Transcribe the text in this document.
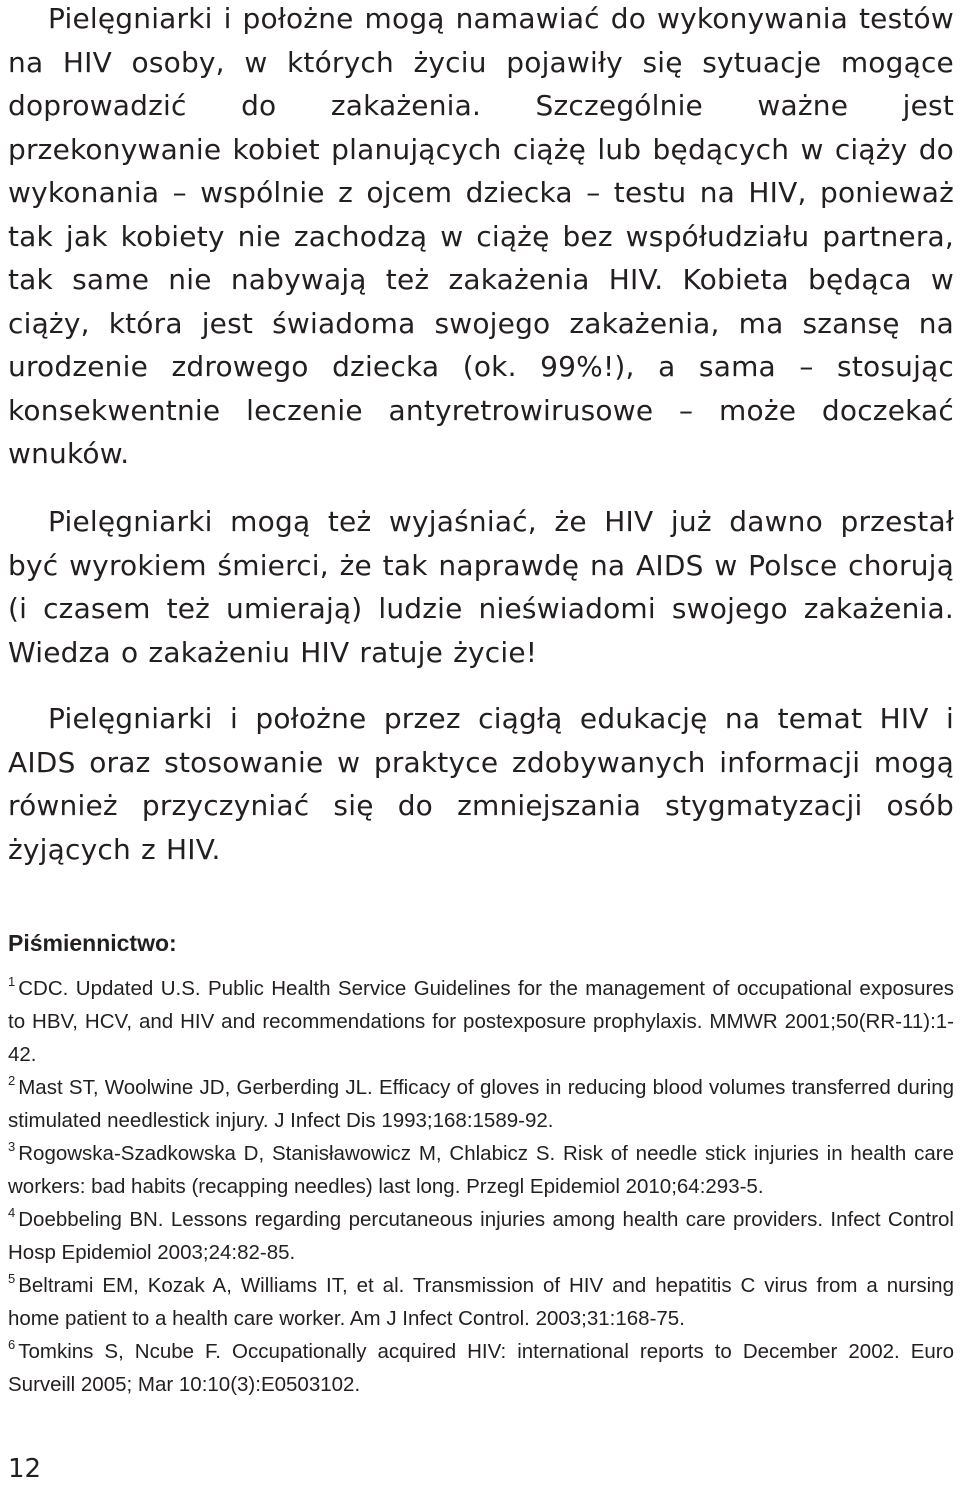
Pielęgniarki i położne mogą namawiać do wykonywania testów na HIV osoby, w których życiu pojawiły się sytuacje mogące doprowadzić do zakażenia. Szczególnie ważne jest przekonywanie kobiet planujących ciążę lub będących w ciąży do wykonania – wspólnie z ojcem dziecka – testu na HIV, ponieważ tak jak kobiety nie zachodzą w ciążę bez współudziału partnera, tak same nie nabywają też zakażenia HIV. Kobieta będąca w ciąży, która jest świadoma swojego zakażenia, ma szansę na urodzenie zdrowego dziecka (ok. 99%!), a sama – stosując konsekwentnie leczenie antyretrowirusowe – może doczekać wnuków.

Pielęgniarki mogą też wyjaśniać, że HIV już dawno przestał być wyrokiem śmierci, że tak naprawdę na AIDS w Polsce chorują (i czasem też umierają) ludzie nieświadomi swojego zakażenia. Wiedza o zakażeniu HIV ratuje życie!

Pielęgniarki i położne przez ciągłą edukację na temat HIV i AIDS oraz stosowanie w praktyce zdobywanych informacji mogą również przyczyniać się do zmniejszania stygmatyzacji osób żyjących z HIV.

Piśmiennictwo:
$^1$ CDC. Updated U.S. Public Health Service Guidelines for the management of occupational exposures to HBV, HCV, and HIV and recommendations for postexposure prophylaxis. MMWR 2001;50(RR-11):1-42.
$^2$ Mast ST, Woolwine JD, Gerberding JL. Efficacy of gloves in reducing blood volumes transferred during stimulated needlestick injury. J Infect Dis 1993;168:1589-92.
$^3$ Rogowska-Szadkowska D, Stanisławowicz M, Chlabicz S. Risk of needle stick injuries in health care workers: bad habits (recapping needles) last long. Przegl Epidemiol 2010;64:293-5.
$^4$ Doebbeling BN. Lessons regarding percutaneous injuries among health care providers. Infect Control Hosp Epidemiol 2003;24:82-85.
$^5$ Beltrami EM, Kozak A, Williams IT, et al. Transmission of HIV and hepatitis C virus from a nursing home patient to a health care worker. Am J Infect Control. 2003;31:168-75.
$^6$ Tomkins S, Ncube F. Occupationally acquired HIV: international reports to December 2002. Euro Surveill 2005; Mar 10:10(3):E0503102.
12
